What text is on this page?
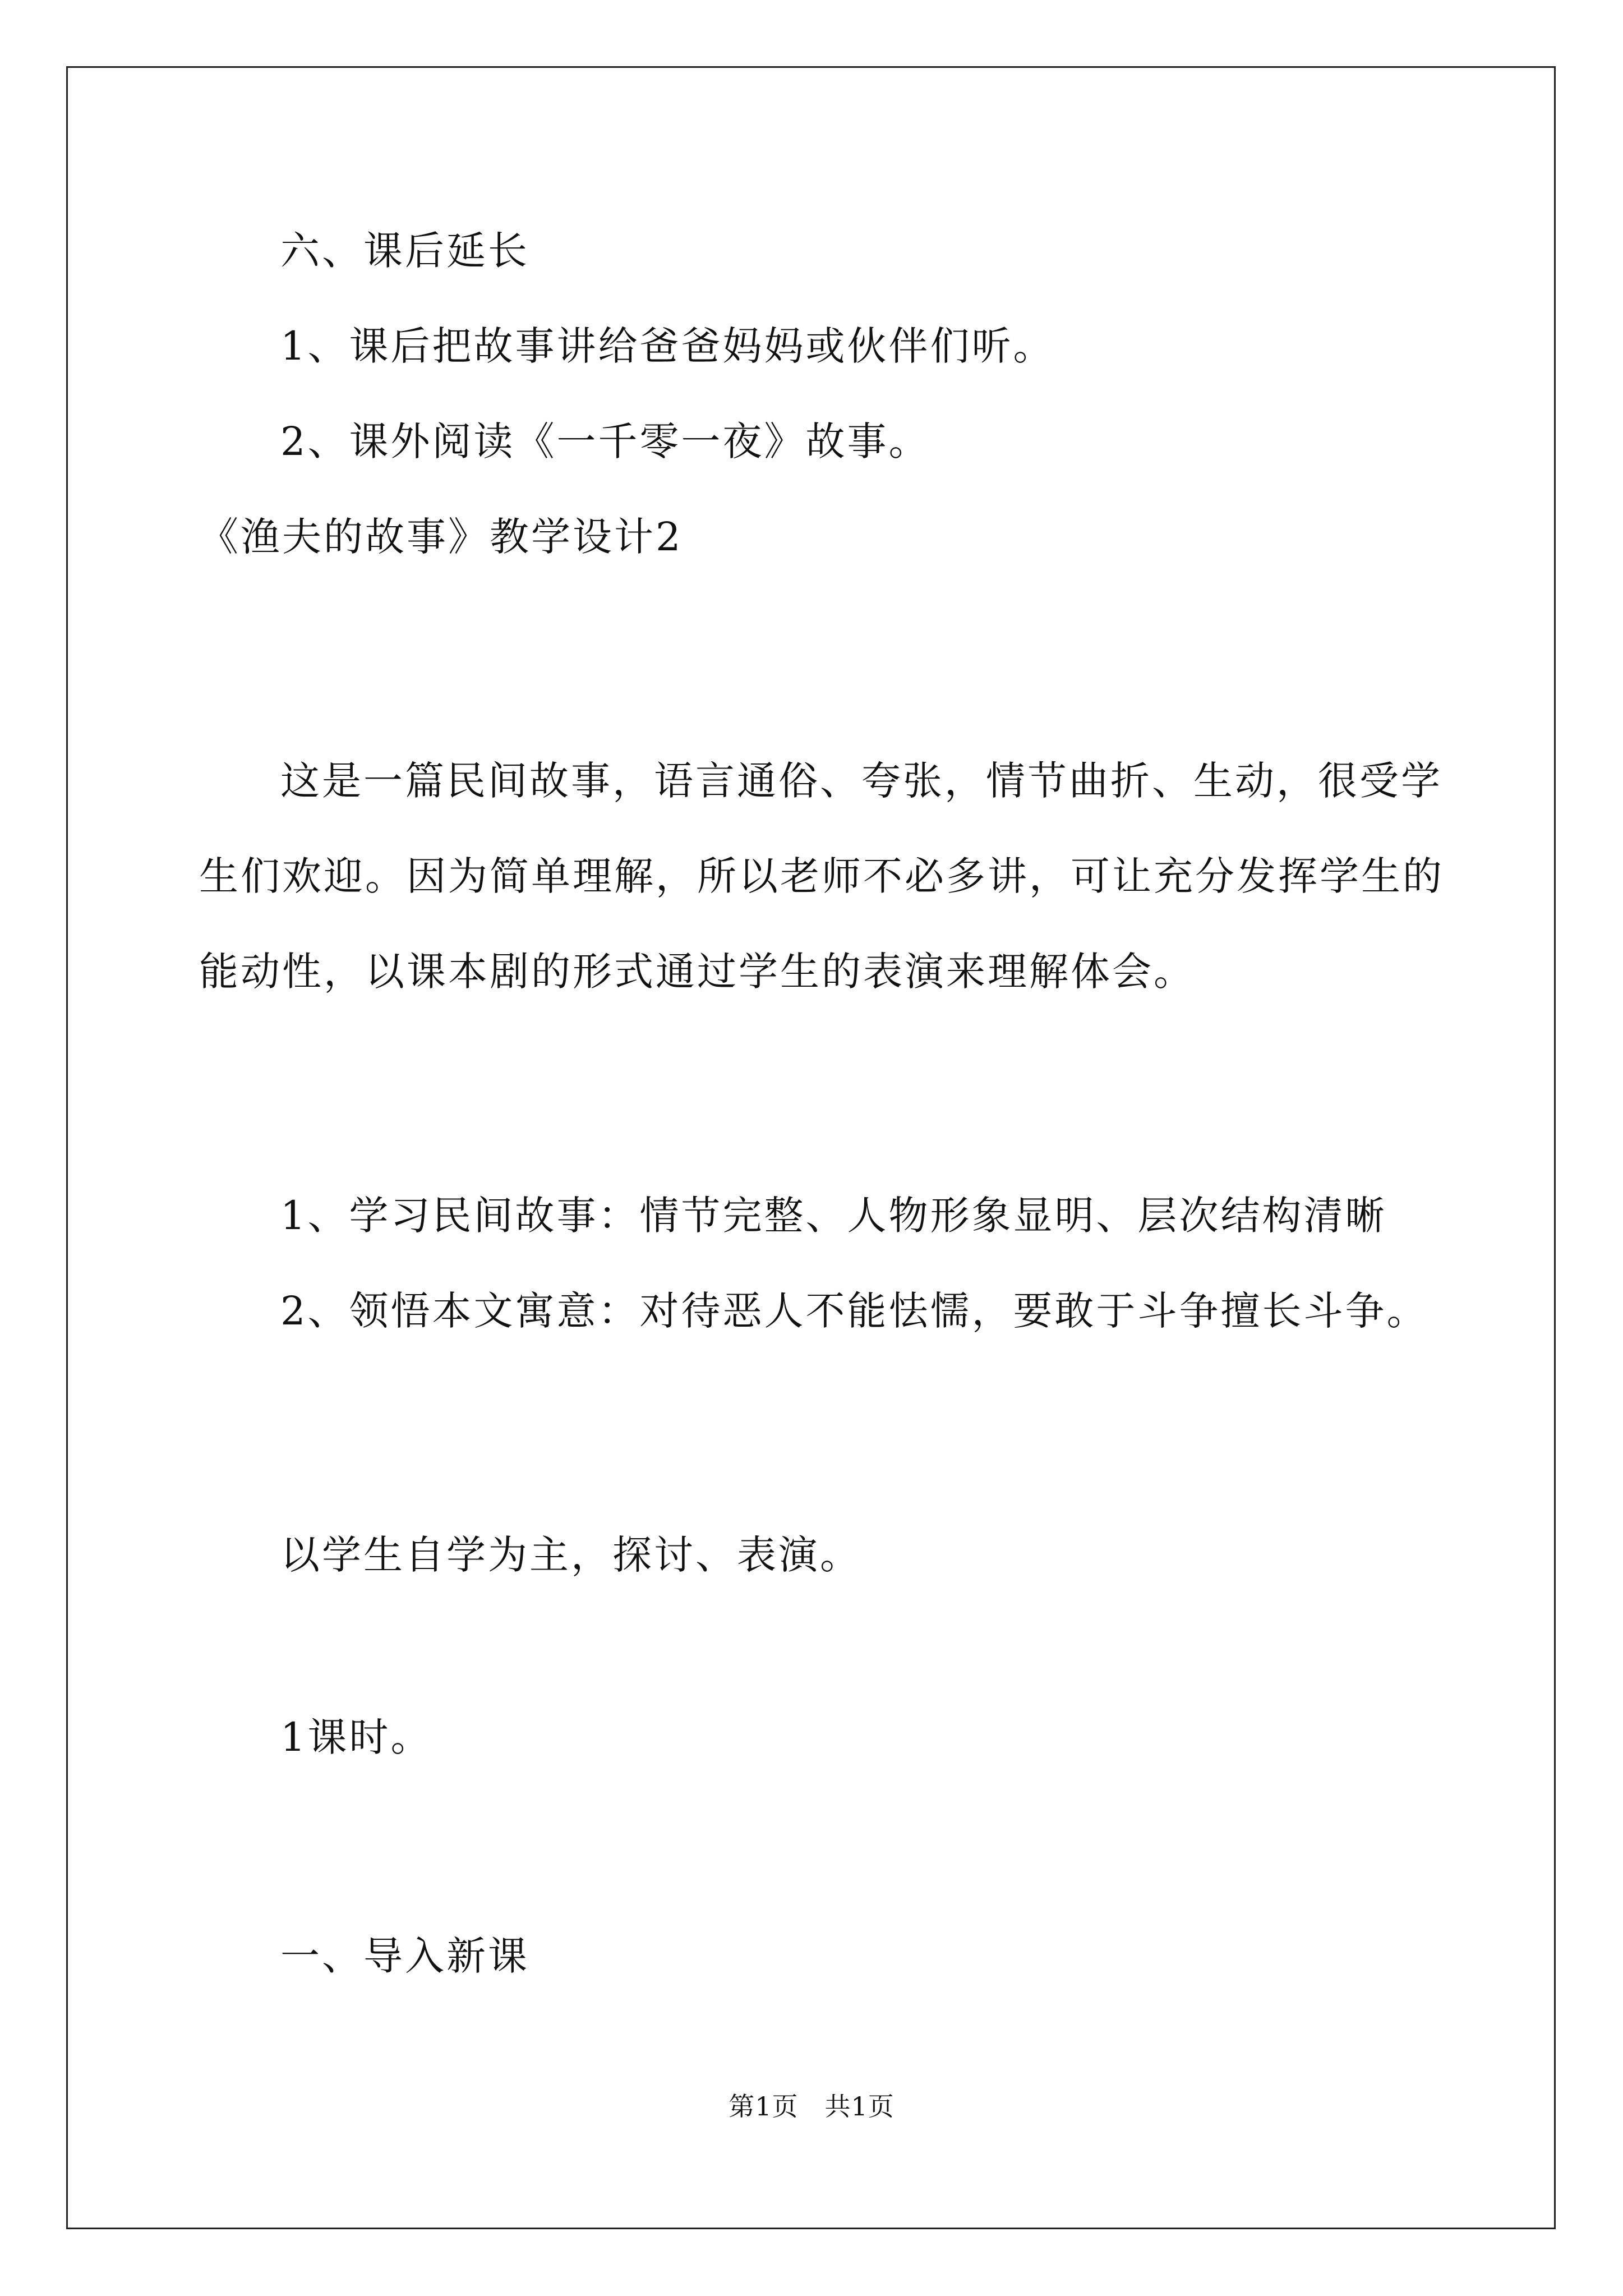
六、课后延长
1、课后把故事讲给爸爸妈妈或伙伴们听。
2、课外阅读《一千零一夜》故事。
《渔夫的故事》教学设计2
这是一篇民间故事，语言通俗、夸张，情节曲折、生动，很受学
生们欢迎。因为简单理解，所以老师不必多讲，可让充分发挥学生的
能动性，以课本剧的形式通过学生的表演来理解体会。
1、学习民间故事：情节完整、人物形象显明、层次结构清晰
2、领悟本文寓意：对待恶人不能怯懦，要敢于斗争擅长斗争。
以学生自学为主，探讨、表演。
1课时。
一、导入新课
第1页　共1页
